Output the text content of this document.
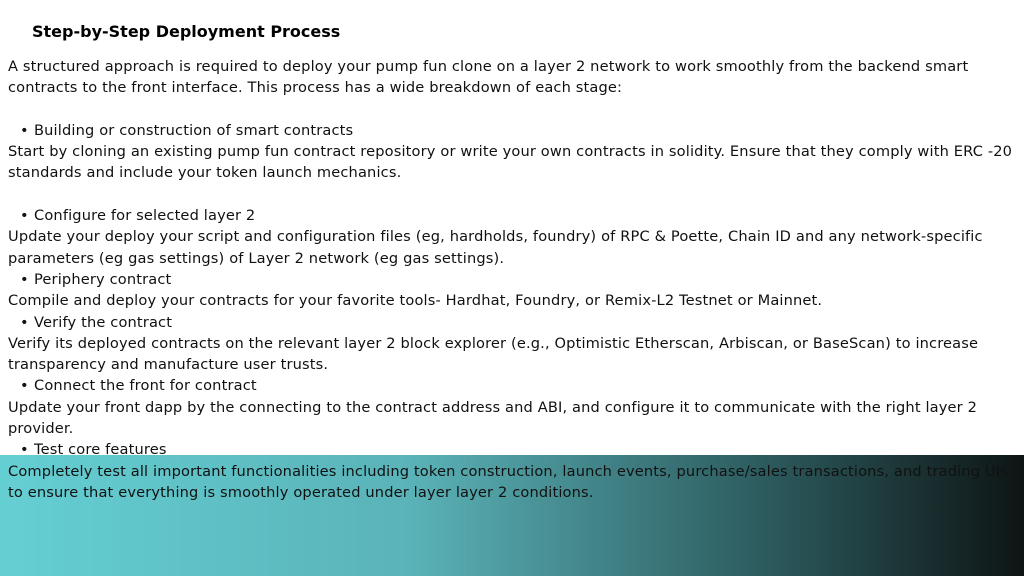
Step-by-Step Deployment Process

A structured approach is required to deploy your pump fun clone on a layer 2 network to work smoothly from the backend smart contracts to the front interface. This process has a wide breakdown of each stage:

• Building or construction of smart contracts

Start by cloning an existing pump fun contract repository or write your own contracts in solidity. Ensure that they comply with ERC -20 standards and include your token launch mechanics.

• Configure for selected layer 2

Update your deploy your script and configuration files (eg, hardholds, foundry) of RPC & Poette, Chain ID and any network-specific parameters (eg gas settings) of Layer 2 network (eg gas settings).

• Periphery contract

Compile and deploy your contracts for your favorite tools- Hardhat, Foundry, or Remix-L2 Testnet or Mainnet.

• Verify the contract

Verify its deployed contracts on the relevant layer 2 block explorer (e.g., Optimistic Etherscan, Arbiscan, or BaseScan) to increase transparency and manufacture user trusts.

• Connect the front for contract

Update your front dapp by the connecting to the contract address and ABI, and configure it to communicate with the right layer 2 provider.

• Test core features

Completely test all important functionalities including token construction, launch events, purchase/sales transactions, and trading UIs to ensure that everything is smoothly operated under layer layer 2 conditions.
